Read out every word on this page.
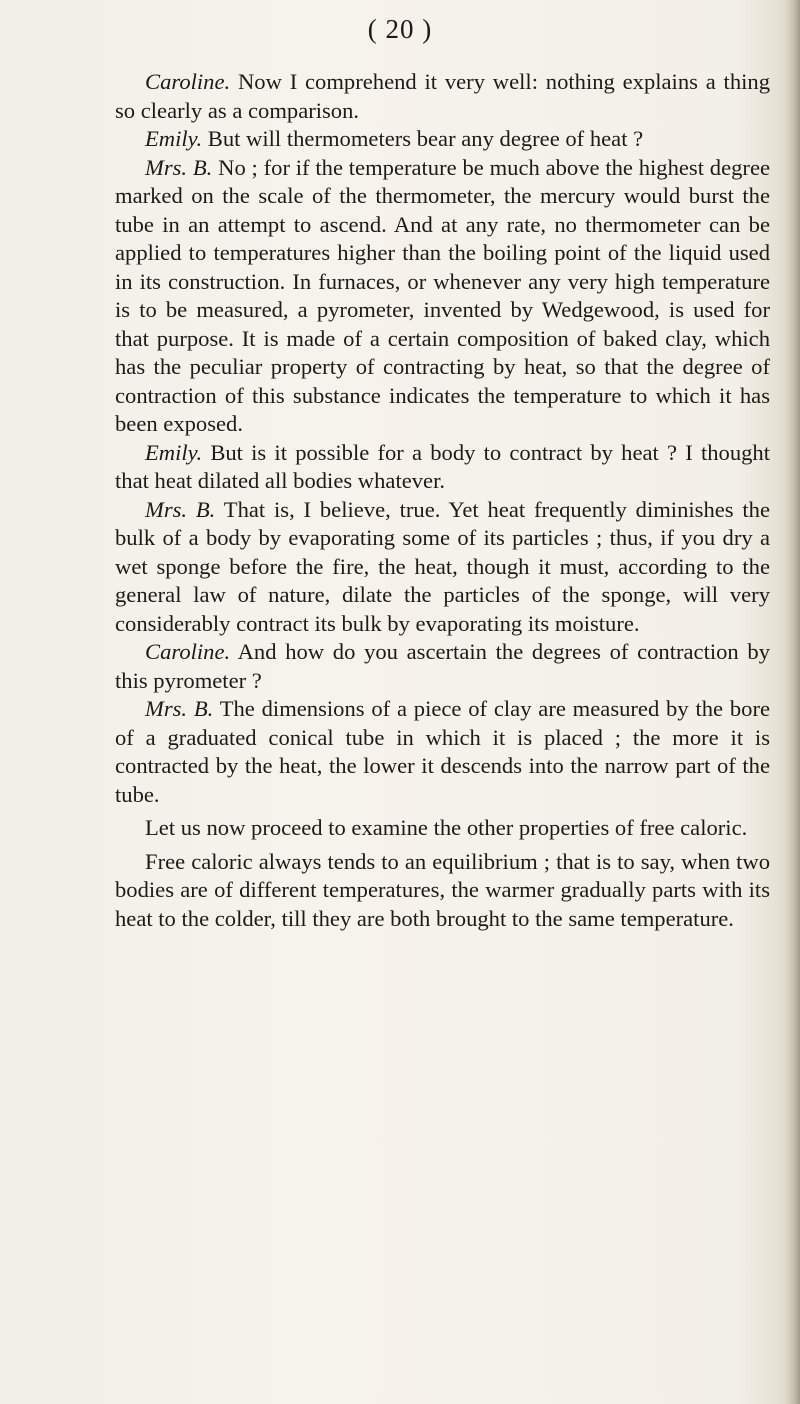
( 20 )

Caroline. Now I comprehend it very well: nothing explains a thing so clearly as a comparison.

Emily. But will thermometers bear any degree of heat ?

Mrs. B. No ; for if the temperature be much above the highest degree marked on the scale of the thermometer, the mercury would burst the tube in an attempt to ascend. And at any rate, no thermometer can be applied to temperatures higher than the boiling point of the liquid used in its construction. In furnaces, or whenever any very high temperature is to be measured, a pyrometer, invented by Wedgewood, is used for that purpose. It is made of a certain composition of baked clay, which has the peculiar property of contracting by heat, so that the degree of contraction of this substance indicates the temperature to which it has been exposed.

Emily. But is it possible for a body to contract by heat ? I thought that heat dilated all bodies whatever.

Mrs. B. That is, I believe, true. Yet heat frequently diminishes the bulk of a body by evaporating some of its particles ; thus, if you dry a wet sponge before the fire, the heat, though it must, according to the general law of nature, dilate the particles of the sponge, will very considerably contract its bulk by evaporating its moisture.

Caroline. And how do you ascertain the degrees of contraction by this pyrometer ?

Mrs. B. The dimensions of a piece of clay are measured by the bore of a graduated conical tube in which it is placed ; the more it is contracted by the heat, the lower it descends into the narrow part of the tube.

Let us now proceed to examine the other properties of free caloric.

Free caloric always tends to an equilibrium ; that is to say, when two bodies are of different temperatures, the warmer gradually parts with its heat to the colder, till they are both brought to the same temperature.
